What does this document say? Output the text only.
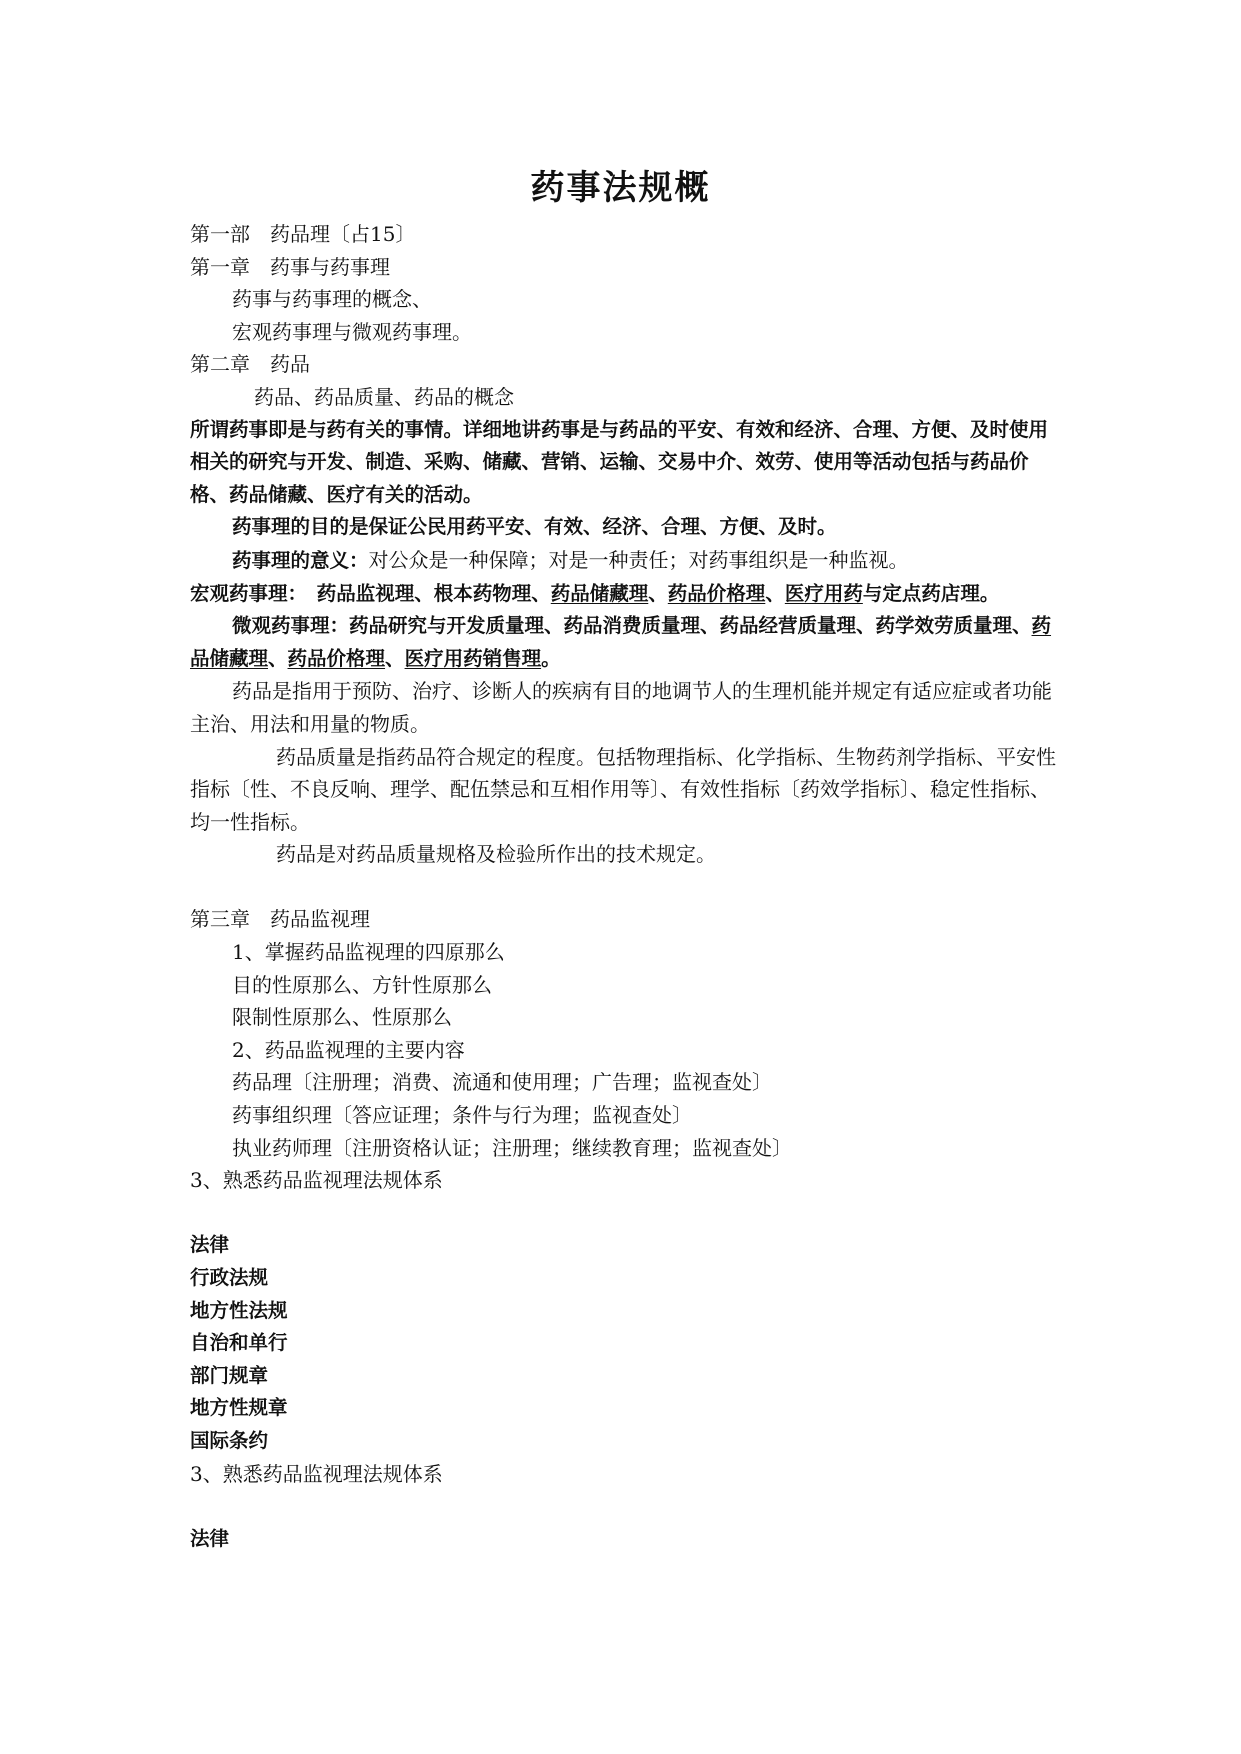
药事法规概

第一部　药品理〔占15〕

第一章　药事与药事理

药事与药事理的概念、

宏观药事理与微观药事理。

第二章　药品

药品、药品质量、药品的概念

所谓药事即是与药有关的事情。详细地讲药事是与药品的平安、有效和经济、合理、方便、及时使用相关的研究与开发、制造、采购、储藏、营销、运输、交易中介、效劳、使用等活动包括与药品价格、药品储藏、医疗有关的活动。

药事理的目的是保证公民用药平安、有效、经济、合理、方便、及时。

药事理的意义：对公众是一种保障；对是一种责任；对药事组织是一种监视。

宏观药事理：　药品监视理、根本药物理、药品储藏理、药品价格理、医疗用药与定点药店理。

微观药事理：药品研究与开发质量理、药品消费质量理、药品经营质量理、药学效劳质量理、药品储藏理、药品价格理、医疗用药销售理。

药品是指用于预防、治疗、诊断人的疾病有目的地调节人的生理机能并规定有适应症或者功能主治、用法和用量的物质。

药品质量是指药品符合规定的程度。包括物理指标、化学指标、生物药剂学指标、平安性指标〔性、不良反响、理学、配伍禁忌和互相作用等〕、有效性指标〔药效学指标〕、稳定性指标、均一性指标。

药品是对药品质量规格及检验所作出的技术规定。

第三章　药品监视理

1、掌握药品监视理的四原那么

目的性原那么、方针性原那么

限制性原那么、性原那么

2、药品监视理的主要内容

药品理〔注册理；消费、流通和使用理；广告理；监视查处〕

药事组织理〔答应证理；条件与行为理；监视查处〕

执业药师理〔注册资格认证；注册理；继续教育理；监视查处〕

3、熟悉药品监视理法规体系

法律

行政法规

地方性法规

自治和单行

部门规章

地方性规章

国际条约

3、熟悉药品监视理法规体系

法律
